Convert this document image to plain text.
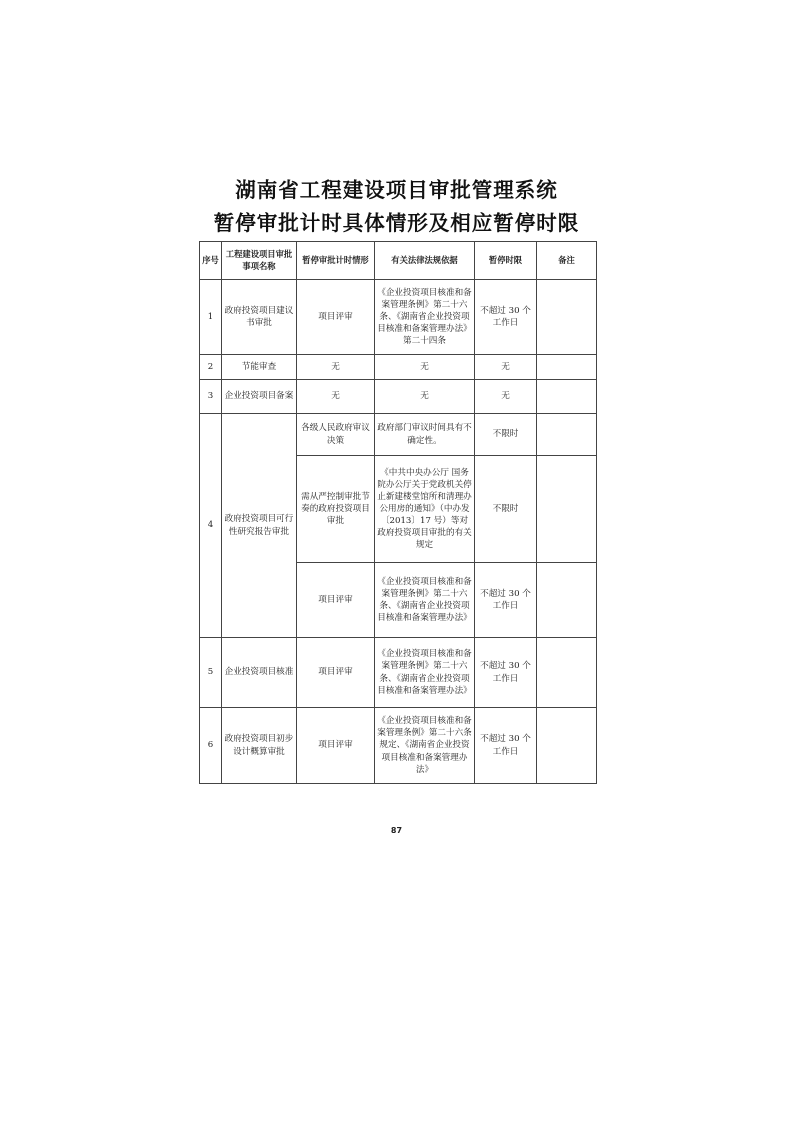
湖南省工程建设项目审批管理系统
暂停审批计时具体情形及相应暂停时限
序号	工程建设项目审批事项名称	暂停审批计时情形	有关法律法规依据	暂停时限	备注
1	政府投资项目建议书审批	项目评审	《企业投资项目核准和备案管理条例》第二十六条、《湖南省企业投资项目核准和备案管理办法》第二十四条	不超过 30 个工作日	
2	节能审查	无	无	无	
3	企业投资项目备案	无	无	无	
4	政府投资项目可行性研究报告审批	各级人民政府审议决策	政府部门审议时间具有不确定性。	不限时	
		需从严控制审批节奏的政府投资项目审批	《中共中央办公厅 国务院办公厅关于党政机关停止新建楼堂馆所和清理办公用房的通知》（中办发〔2013〕17 号）等对政府投资项目审批的有关规定	不限时	
		项目评审	《企业投资项目核准和备案管理条例》第二十六条、《湖南省企业投资项目核准和备案管理办法》	不超过 30 个工作日	
5	企业投资项目核准	项目评审	《企业投资项目核准和备案管理条例》第二十六条、《湖南省企业投资项目核准和备案管理办法》	不超过 30 个工作日	
6	政府投资项目初步设计概算审批	项目评审	《企业投资项目核准和备案管理条例》第二十六条规定、《湖南省企业投资项目核准和备案管理办法》	不超过 30 个工作日	
87
